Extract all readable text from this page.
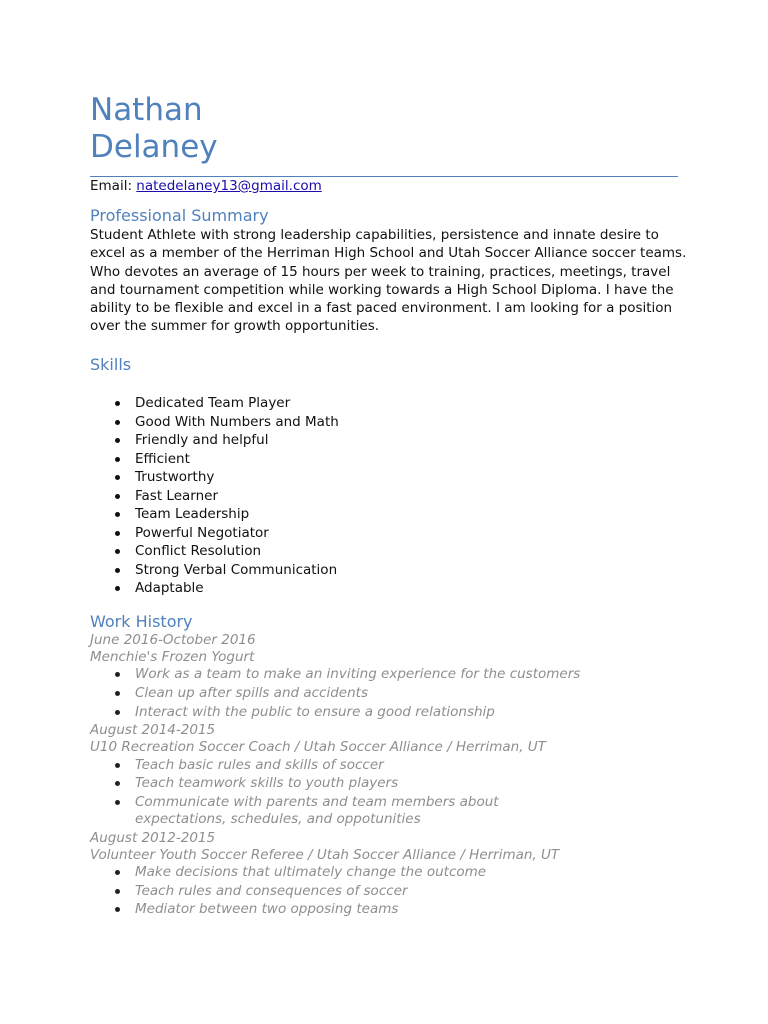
Nathan
Delaney
Email: natedelaney13@gmail.com
Professional Summary
Student Athlete with strong leadership capabilities, persistence and innate desire to excel as a member of the Herriman High School and Utah Soccer Alliance soccer teams. Who devotes an average of 15 hours per week to training, practices, meetings, travel and tournament competition while working towards a High School Diploma. I have the ability to be flexible and excel in a fast paced environment. I am looking for a position over the summer for growth opportunities.
Skills
Dedicated Team Player
Good With Numbers and Math
Friendly and helpful
Efficient
Trustworthy
Fast Learner
Team Leadership
Powerful Negotiator
Conflict Resolution
Strong Verbal Communication
Adaptable
Work History
June 2016-October 2016
Menchie's Frozen Yogurt
Work as a team to make an inviting experience for the customers
Clean up after spills and accidents
Interact with the public to ensure a good relationship
August 2014-2015
U10 Recreation Soccer Coach / Utah Soccer Alliance / Herriman, UT
Teach basic rules and skills of soccer
Teach teamwork skills to youth players
Communicate with parents and team members about expectations, schedules, and oppotunities
August 2012-2015
Volunteer Youth Soccer Referee / Utah Soccer Alliance / Herriman, UT
Make decisions that ultimately change the outcome
Teach rules and consequences of soccer
Mediator between two opposing teams
